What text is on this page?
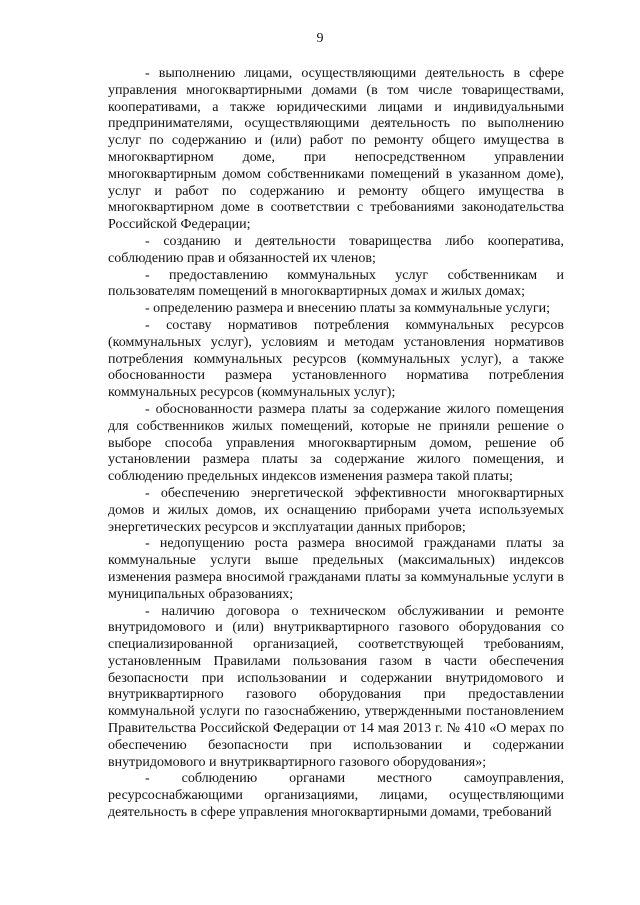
9

- выполнению лицами, осуществляющими деятельность в сфере управления многоквартирными домами (в том числе товариществами, кооперативами, а также юридическими лицами и индивидуальными предпринимателями, осуществляющими деятельность по выполнению услуг по содержанию и (или) работ по ремонту общего имущества в многоквартирном доме, при непосредственном управлении многоквартирным домом собственниками помещений в указанном доме), услуг и работ по содержанию и ремонту общего имущества в многоквартирном доме в соответствии с требованиями законодательства Российской Федерации;

- созданию и деятельности товарищества либо кооператива, соблюдению прав и обязанностей их членов;

- предоставлению коммунальных услуг собственникам и пользователям помещений в многоквартирных домах и жилых домах;

- определению размера и внесению платы за коммунальные услуги;

- составу нормативов потребления коммунальных ресурсов (коммунальных услуг), условиям и методам установления нормативов потребления коммунальных ресурсов (коммунальных услуг), а также обоснованности размера установленного норматива потребления коммунальных ресурсов (коммунальных услуг);

- обоснованности размера платы за содержание жилого помещения для собственников жилых помещений, которые не приняли решение о выборе способа управления многоквартирным домом, решение об установлении размера платы за содержание жилого помещения, и соблюдению предельных индексов изменения размера такой платы;

- обеспечению энергетической эффективности многоквартирных домов и жилых домов, их оснащению приборами учета используемых энергетических ресурсов и эксплуатации данных приборов;

- недопущению роста размера вносимой гражданами платы за коммунальные услуги выше предельных (максимальных) индексов изменения размера вносимой гражданами платы за коммунальные услуги в муниципальных образованиях;

- наличию договора о техническом обслуживании и ремонте внутридомового и (или) внутриквартирного газового оборудования со специализированной организацией, соответствующей требованиям, установленным Правилами пользования газом в части обеспечения безопасности при использовании и содержании внутридомового и внутриквартирного газового оборудования при предоставлении коммунальной услуги по газоснабжению, утвержденными постановлением Правительства Российской Федерации от 14 мая 2013 г. № 410 «О мерах по обеспечению безопасности при использовании и содержании внутридомового и внутриквартирного газового оборудования»;

- соблюдению органами местного самоуправления, ресурсоснабжающими организациями, лицами, осуществляющими деятельность в сфере управления многоквартирными домами, требований
